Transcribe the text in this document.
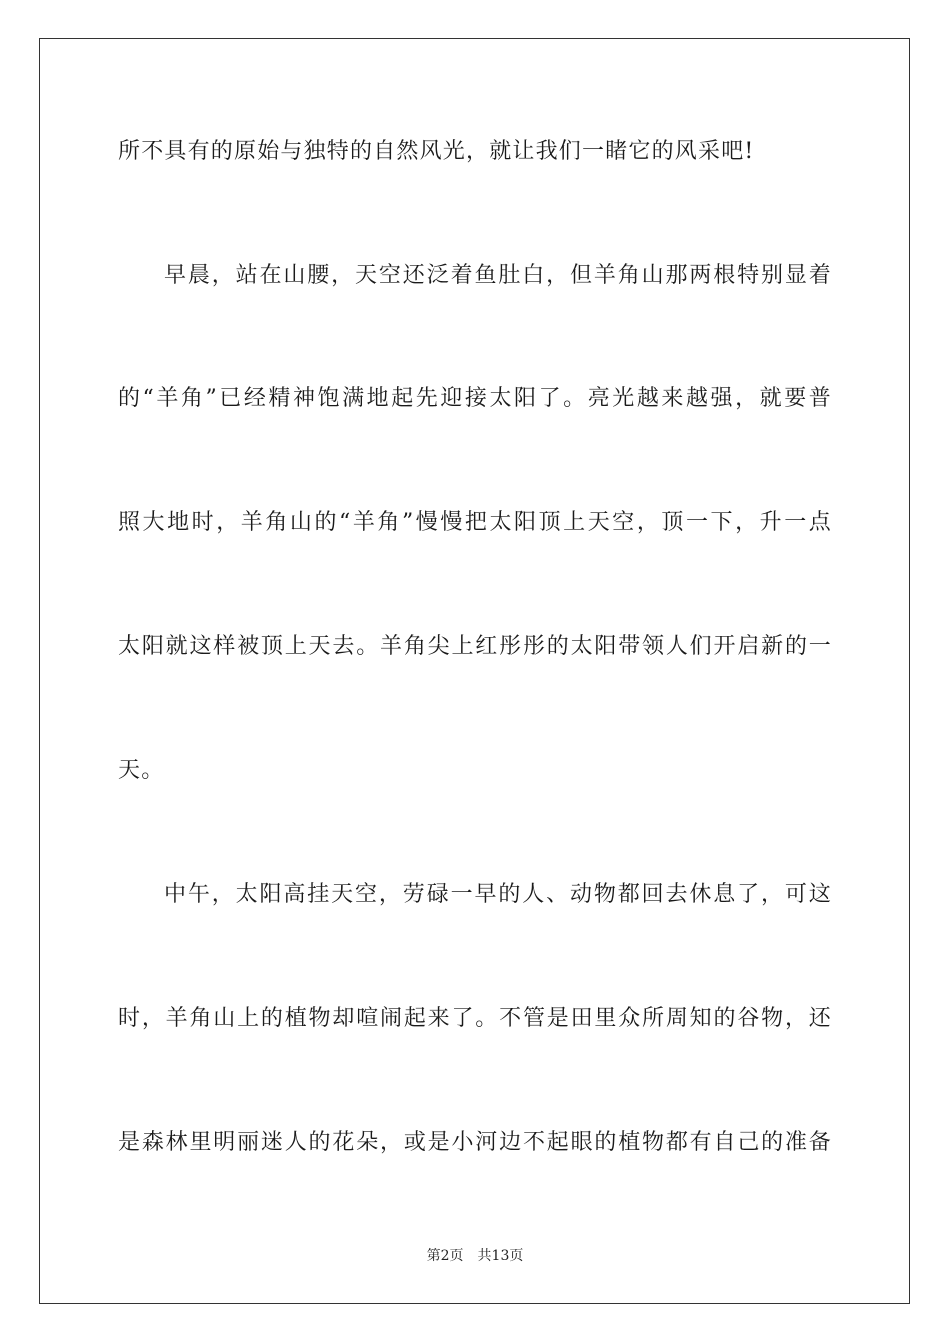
所不具有的原始与独特的自然风光，就让我们一睹它的风采吧!
早晨，站在山腰，天空还泛着鱼肚白，但羊角山那两根特别显着
的“羊角”已经精神饱满地起先迎接太阳了。亮光越来越强，就要普
照大地时，羊角山的“羊角”慢慢把太阳顶上天空，顶一下，升一点
太阳就这样被顶上天去。羊角尖上红彤彤的太阳带领人们开启新的一
天。
中午，太阳高挂天空，劳碌一早的人、动物都回去休息了，可这
时，羊角山上的植物却喧闹起来了。不管是田里众所周知的谷物，还
是森林里明丽迷人的花朵，或是小河边不起眼的植物都有自己的准备
第2页 共13页
